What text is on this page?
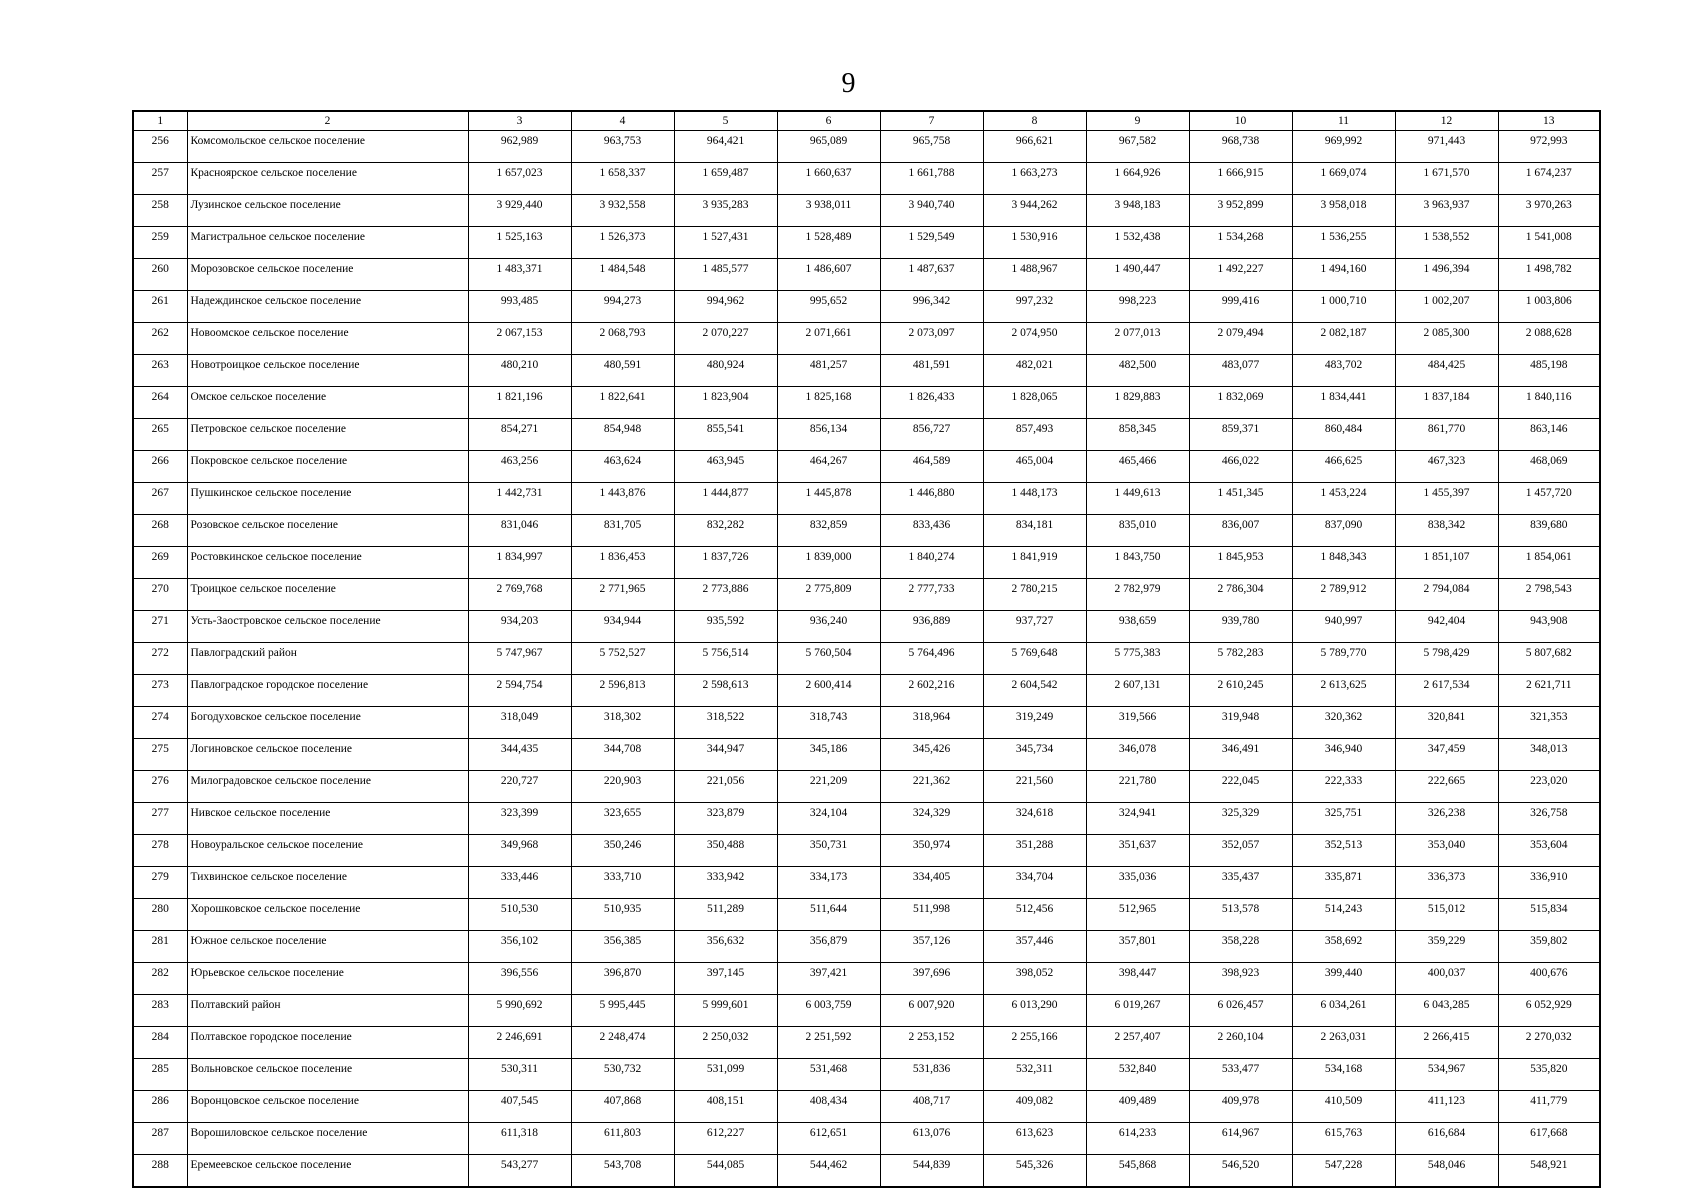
9
1	2	3	4	5	6	7	8	9	10	11	12	13
256	Комсомольское сельское поселение	962,989	963,753	964,421	965,089	965,758	966,621	967,582	968,738	969,992	971,443	972,993
257	Красноярское сельское поселение	1 657,023	1 658,337	1 659,487	1 660,637	1 661,788	1 663,273	1 664,926	1 666,915	1 669,074	1 671,570	1 674,237
258	Лузинское сельское поселение	3 929,440	3 932,558	3 935,283	3 938,011	3 940,740	3 944,262	3 948,183	3 952,899	3 958,018	3 963,937	3 970,263
259	Магистральное сельское поселение	1 525,163	1 526,373	1 527,431	1 528,489	1 529,549	1 530,916	1 532,438	1 534,268	1 536,255	1 538,552	1 541,008
260	Морозовское сельское поселение	1 483,371	1 484,548	1 485,577	1 486,607	1 487,637	1 488,967	1 490,447	1 492,227	1 494,160	1 496,394	1 498,782
261	Надеждинское сельское поселение	993,485	994,273	994,962	995,652	996,342	997,232	998,223	999,416	1 000,710	1 002,207	1 003,806
262	Новоомское сельское поселение	2 067,153	2 068,793	2 070,227	2 071,661	2 073,097	2 074,950	2 077,013	2 079,494	2 082,187	2 085,300	2 088,628
263	Новотроицкое сельское поселение	480,210	480,591	480,924	481,257	481,591	482,021	482,500	483,077	483,702	484,425	485,198
264	Омское сельское поселение	1 821,196	1 822,641	1 823,904	1 825,168	1 826,433	1 828,065	1 829,883	1 832,069	1 834,441	1 837,184	1 840,116
265	Петровское сельское поселение	854,271	854,948	855,541	856,134	856,727	857,493	858,345	859,371	860,484	861,770	863,146
266	Покровское сельское поселение	463,256	463,624	463,945	464,267	464,589	465,004	465,466	466,022	466,625	467,323	468,069
267	Пушкинское сельское поселение	1 442,731	1 443,876	1 444,877	1 445,878	1 446,880	1 448,173	1 449,613	1 451,345	1 453,224	1 455,397	1 457,720
268	Розовское сельское поселение	831,046	831,705	832,282	832,859	833,436	834,181	835,010	836,007	837,090	838,342	839,680
269	Ростовкинское сельское поселение	1 834,997	1 836,453	1 837,726	1 839,000	1 840,274	1 841,919	1 843,750	1 845,953	1 848,343	1 851,107	1 854,061
270	Троицкое сельское поселение	2 769,768	2 771,965	2 773,886	2 775,809	2 777,733	2 780,215	2 782,979	2 786,304	2 789,912	2 794,084	2 798,543
271	Усть-Заостровское сельское поселение	934,203	934,944	935,592	936,240	936,889	937,727	938,659	939,780	940,997	942,404	943,908
272	Павлоградский район	5 747,967	5 752,527	5 756,514	5 760,504	5 764,496	5 769,648	5 775,383	5 782,283	5 789,770	5 798,429	5 807,682
273	Павлоградское городское поселение	2 594,754	2 596,813	2 598,613	2 600,414	2 602,216	2 604,542	2 607,131	2 610,245	2 613,625	2 617,534	2 621,711
274	Богодуховское сельское поселение	318,049	318,302	318,522	318,743	318,964	319,249	319,566	319,948	320,362	320,841	321,353
275	Логиновское сельское поселение	344,435	344,708	344,947	345,186	345,426	345,734	346,078	346,491	346,940	347,459	348,013
276	Милоградовское сельское поселение	220,727	220,903	221,056	221,209	221,362	221,560	221,780	222,045	222,333	222,665	223,020
277	Нивское сельское поселение	323,399	323,655	323,879	324,104	324,329	324,618	324,941	325,329	325,751	326,238	326,758
278	Новоуральское сельское поселение	349,968	350,246	350,488	350,731	350,974	351,288	351,637	352,057	352,513	353,040	353,604
279	Тихвинское сельское поселение	333,446	333,710	333,942	334,173	334,405	334,704	335,036	335,437	335,871	336,373	336,910
280	Хорошковское сельское поселение	510,530	510,935	511,289	511,644	511,998	512,456	512,965	513,578	514,243	515,012	515,834
281	Южное сельское поселение	356,102	356,385	356,632	356,879	357,126	357,446	357,801	358,228	358,692	359,229	359,802
282	Юрьевское сельское поселение	396,556	396,870	397,145	397,421	397,696	398,052	398,447	398,923	399,440	400,037	400,676
283	Полтавский район	5 990,692	5 995,445	5 999,601	6 003,759	6 007,920	6 013,290	6 019,267	6 026,457	6 034,261	6 043,285	6 052,929
284	Полтавское городское поселение	2 246,691	2 248,474	2 250,032	2 251,592	2 253,152	2 255,166	2 257,407	2 260,104	2 263,031	2 266,415	2 270,032
285	Вольновское сельское поселение	530,311	530,732	531,099	531,468	531,836	532,311	532,840	533,477	534,168	534,967	535,820
286	Воронцовское сельское поселение	407,545	407,868	408,151	408,434	408,717	409,082	409,489	409,978	410,509	411,123	411,779
287	Ворошиловское сельское поселение	611,318	611,803	612,227	612,651	613,076	613,623	614,233	614,967	615,763	616,684	617,668
288	Еремеевское сельское поселение	543,277	543,708	544,085	544,462	544,839	545,326	545,868	546,520	547,228	548,046	548,921
